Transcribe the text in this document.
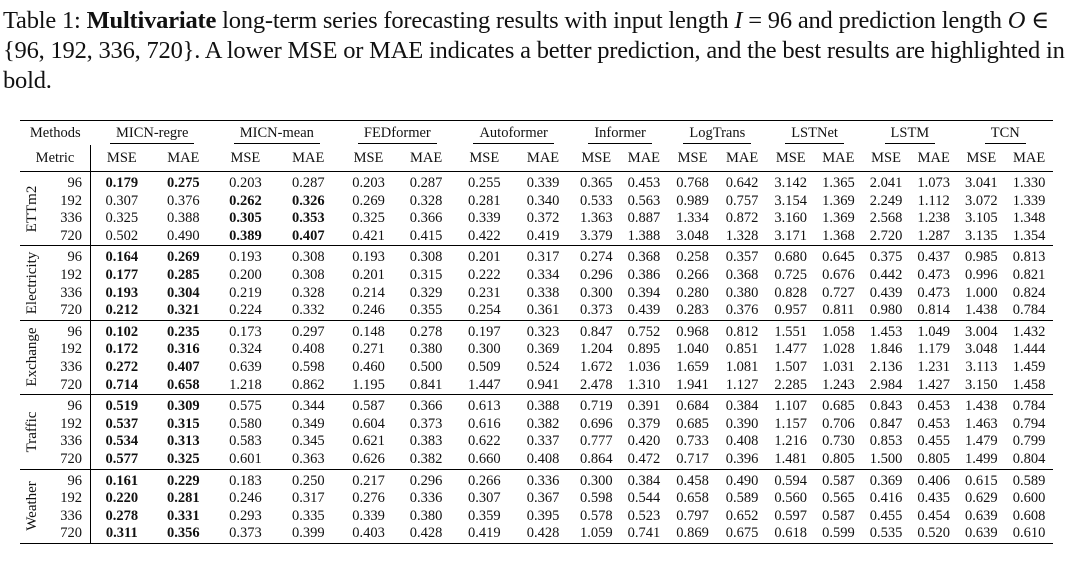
Table 1: Multivariate long-term series forecasting results with input length I = 96 and prediction length O ∈ {96, 192, 336, 720}. A lower MSE or MAE indicates a better prediction, and the best results are highlighted in bold.
Methods		MICN-regre		MICN-mean		FEDformer		Autoformer		Informer		LogTrans		LSTNet		LSTM		TCN	
Metric		MSE	MAE	MSE	MAE	MSE	MAE	MSE	MAE	MSE	MAE	MSE	MAE	MSE	MAE	MSE	MAE	MSE	MAE

ETTm2	96	0.179	0.275	0.203	0.287	0.203	0.287	0.255	0.339	0.365	0.453	0.768	0.642	3.142	1.365	2.041	1.073	3.041	1.330
	192	0.307	0.376	0.262	0.326	0.269	0.328	0.281	0.340	0.533	0.563	0.989	0.757	3.154	1.369	2.249	1.112	3.072	1.339
	336	0.325	0.388	0.305	0.353	0.325	0.366	0.339	0.372	1.363	0.887	1.334	0.872	3.160	1.369	2.568	1.238	3.105	1.348
	720	0.502	0.490	0.389	0.407	0.421	0.415	0.422	0.419	3.379	1.388	3.048	1.328	3.171	1.368	2.720	1.287	3.135	1.354

Electricity	96	0.164	0.269	0.193	0.308	0.193	0.308	0.201	0.317	0.274	0.368	0.258	0.357	0.680	0.645	0.375	0.437	0.985	0.813
	192	0.177	0.285	0.200	0.308	0.201	0.315	0.222	0.334	0.296	0.386	0.266	0.368	0.725	0.676	0.442	0.473	0.996	0.821
	336	0.193	0.304	0.219	0.328	0.214	0.329	0.231	0.338	0.300	0.394	0.280	0.380	0.828	0.727	0.439	0.473	1.000	0.824
	720	0.212	0.321	0.224	0.332	0.246	0.355	0.254	0.361	0.373	0.439	0.283	0.376	0.957	0.811	0.980	0.814	1.438	0.784

Exchange	96	0.102	0.235	0.173	0.297	0.148	0.278	0.197	0.323	0.847	0.752	0.968	0.812	1.551	1.058	1.453	1.049	3.004	1.432
	192	0.172	0.316	0.324	0.408	0.271	0.380	0.300	0.369	1.204	0.895	1.040	0.851	1.477	1.028	1.846	1.179	3.048	1.444
	336	0.272	0.407	0.639	0.598	0.460	0.500	0.509	0.524	1.672	1.036	1.659	1.081	1.507	1.031	2.136	1.231	3.113	1.459
	720	0.714	0.658	1.218	0.862	1.195	0.841	1.447	0.941	2.478	1.310	1.941	1.127	2.285	1.243	2.984	1.427	3.150	1.458

Traffic	96	0.519	0.309	0.575	0.344	0.587	0.366	0.613	0.388	0.719	0.391	0.684	0.384	1.107	0.685	0.843	0.453	1.438	0.784
	192	0.537	0.315	0.580	0.349	0.604	0.373	0.616	0.382	0.696	0.379	0.685	0.390	1.157	0.706	0.847	0.453	1.463	0.794
	336	0.534	0.313	0.583	0.345	0.621	0.383	0.622	0.337	0.777	0.420	0.733	0.408	1.216	0.730	0.853	0.455	1.479	0.799
	720	0.577	0.325	0.601	0.363	0.626	0.382	0.660	0.408	0.864	0.472	0.717	0.396	1.481	0.805	1.500	0.805	1.499	0.804

Weather	96	0.161	0.229	0.183	0.250	0.217	0.296	0.266	0.336	0.300	0.384	0.458	0.490	0.594	0.587	0.369	0.406	0.615	0.589
	192	0.220	0.281	0.246	0.317	0.276	0.336	0.307	0.367	0.598	0.544	0.658	0.589	0.560	0.565	0.416	0.435	0.629	0.600
	336	0.278	0.331	0.293	0.335	0.339	0.380	0.359	0.395	0.578	0.523	0.797	0.652	0.597	0.587	0.455	0.454	0.639	0.608
	720	0.311	0.356	0.373	0.399	0.403	0.428	0.419	0.428	1.059	0.741	0.869	0.675	0.618	0.599	0.535	0.520	0.639	0.610
